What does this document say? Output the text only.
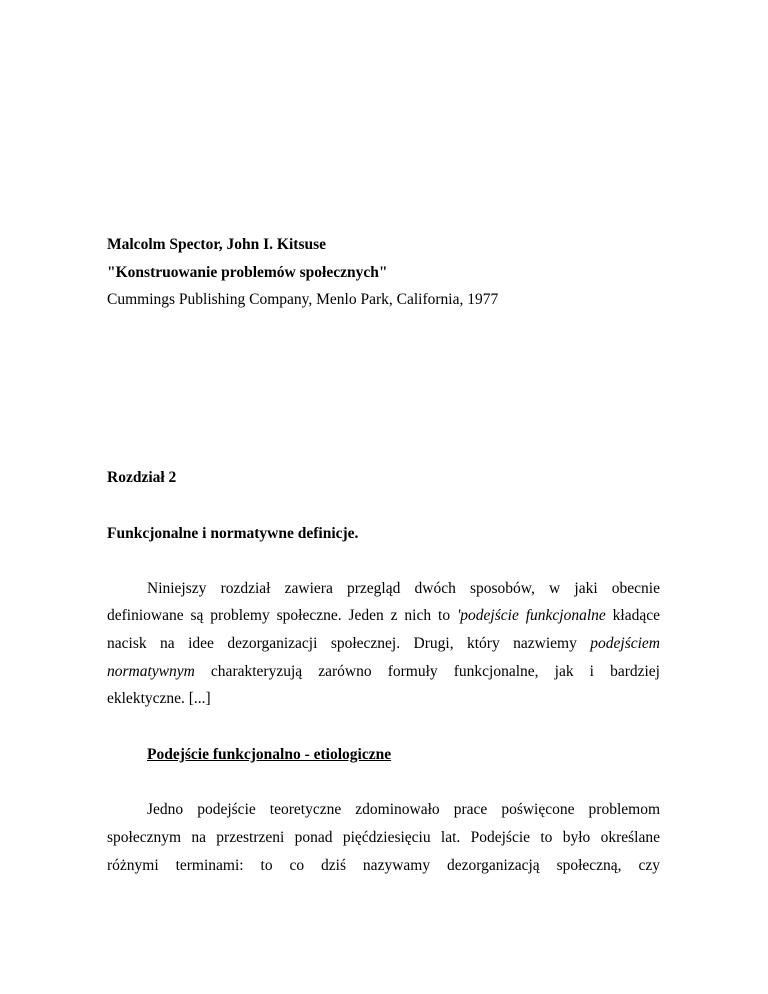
Malcolm Spector, John I. Kitsuse
"Konstruowanie problemów społecznych"
Cummings Publishing Company, Menlo Park, California, 1977
Rozdział 2
Funkcjonalne i normatywne definicje.
Niniejszy rozdział zawiera przegląd dwóch sposobów, w jaki obecnie
definiowane są problemy społeczne. Jeden z nich to 'podejście funkcjonalne kładące
nacisk na idee dezorganizacji społecznej. Drugi, który nazwiemy podejściem
normatywnym charakteryzują zarówno formuły funkcjonalne, jak i bardziej
eklektyczne. [...]
Podejście funkcjonalno - etiologiczne
Jedno podejście teoretyczne zdominowało prace poświęcone problemom
społecznym na przestrzeni ponad pięćdziesięciu lat. Podejście to było określane
różnymi terminami: to co dziś nazywamy dezorganizacją społeczną, czy
